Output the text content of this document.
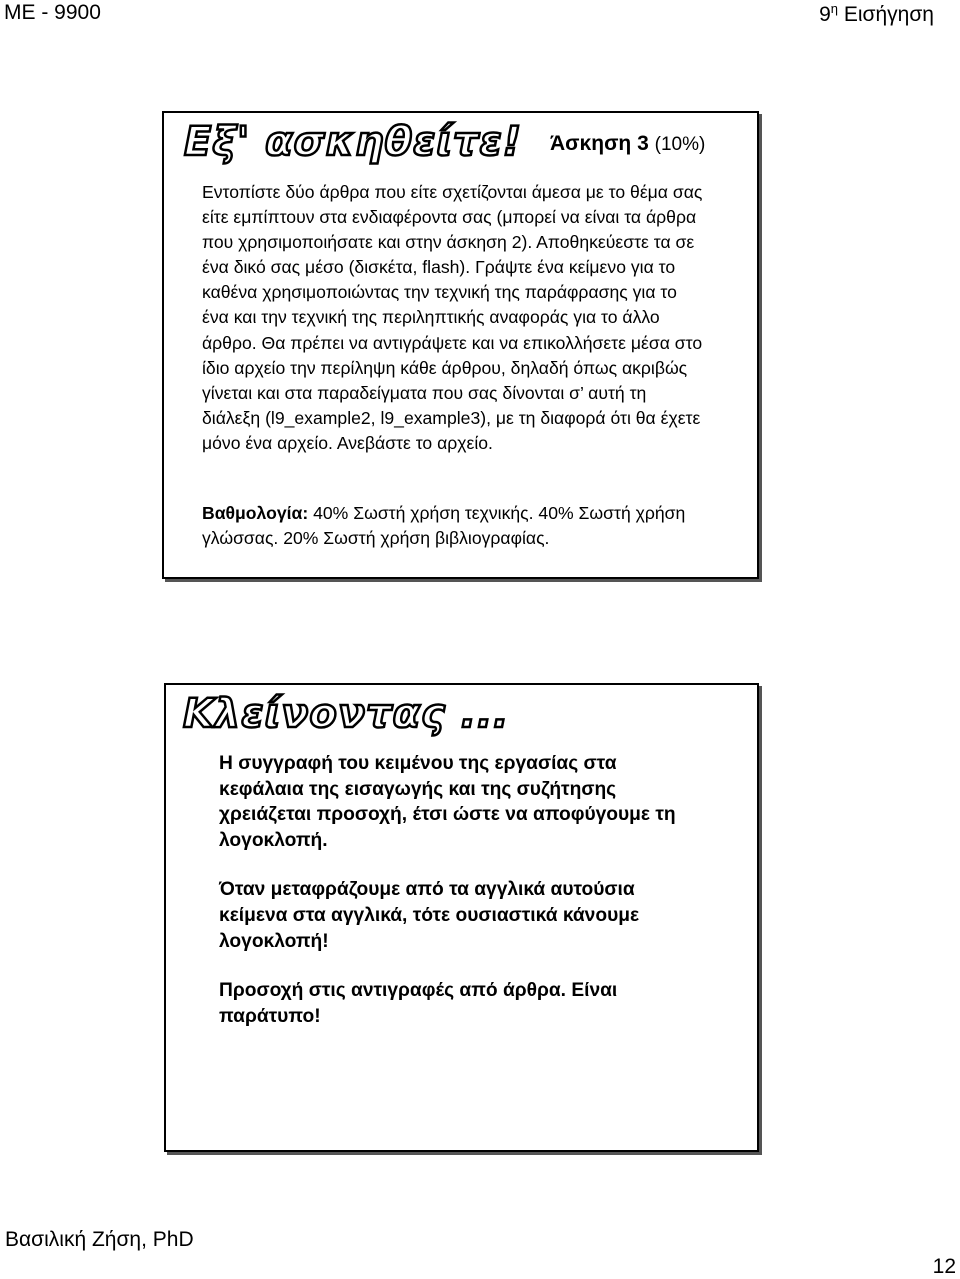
ΜΕ - 9900	$9^\eta$ Εισήγηση
Εξ' ασκηθείτε! Άσκηση 3 (10%)
Εντοπίστε δύο άρθρα που είτε σχετίζονται άμεσα με το θέμα σας
είτε εμπίπτουν στα ενδιαφέροντα σας (μπορεί να είναι τα άρθρα
που χρησιμοποιήσατε και στην άσκηση 2). Αποθηκεύεστε τα σε
ένα δικό σας μέσο (δισκέτα, flash). Γράψτε ένα κείμενο για το
καθένα χρησιμοποιώντας την τεχνική της παράφρασης για το
ένα και την τεχνική της περιληπτικής αναφοράς για το άλλο
άρθρο. Θα πρέπει να αντιγράψετε και να επικολλήσετε μέσα στο
ίδιο αρχείο την περίληψη κάθε άρθρου, δηλαδή όπως ακριβώς
γίνεται και στα παραδείγματα που σας δίνονται σ’ αυτή τη
διάλεξη (l9_example2, l9_example3), με τη διαφορά ότι θα έχετε
μόνο ένα αρχείο. Ανεβάστε το αρχείο.
Βαθμολογία: 40% Σωστή χρήση τεχνικής. 40% Σωστή χρήση
γλώσσας. 20% Σωστή χρήση βιβλιογραφίας.
Κλείνοντας ...

Η συγγραφή του κειμένου της εργασίας στα
κεφάλαια της εισαγωγής και της συζήτησης
χρειάζεται προσοχή, έτσι ώστε να αποφύγουμε τη
λογοκλοπή.

Όταν μεταφράζουμε από τα αγγλικά αυτούσια
κείμενα στα αγγλικά, τότε ουσιαστικά κάνουμε
λογοκλοπή!

Προσοχή στις αντιγραφές από άρθρα. Είναι
παράτυπο!

Βασιλική Ζήση, PhD
12
